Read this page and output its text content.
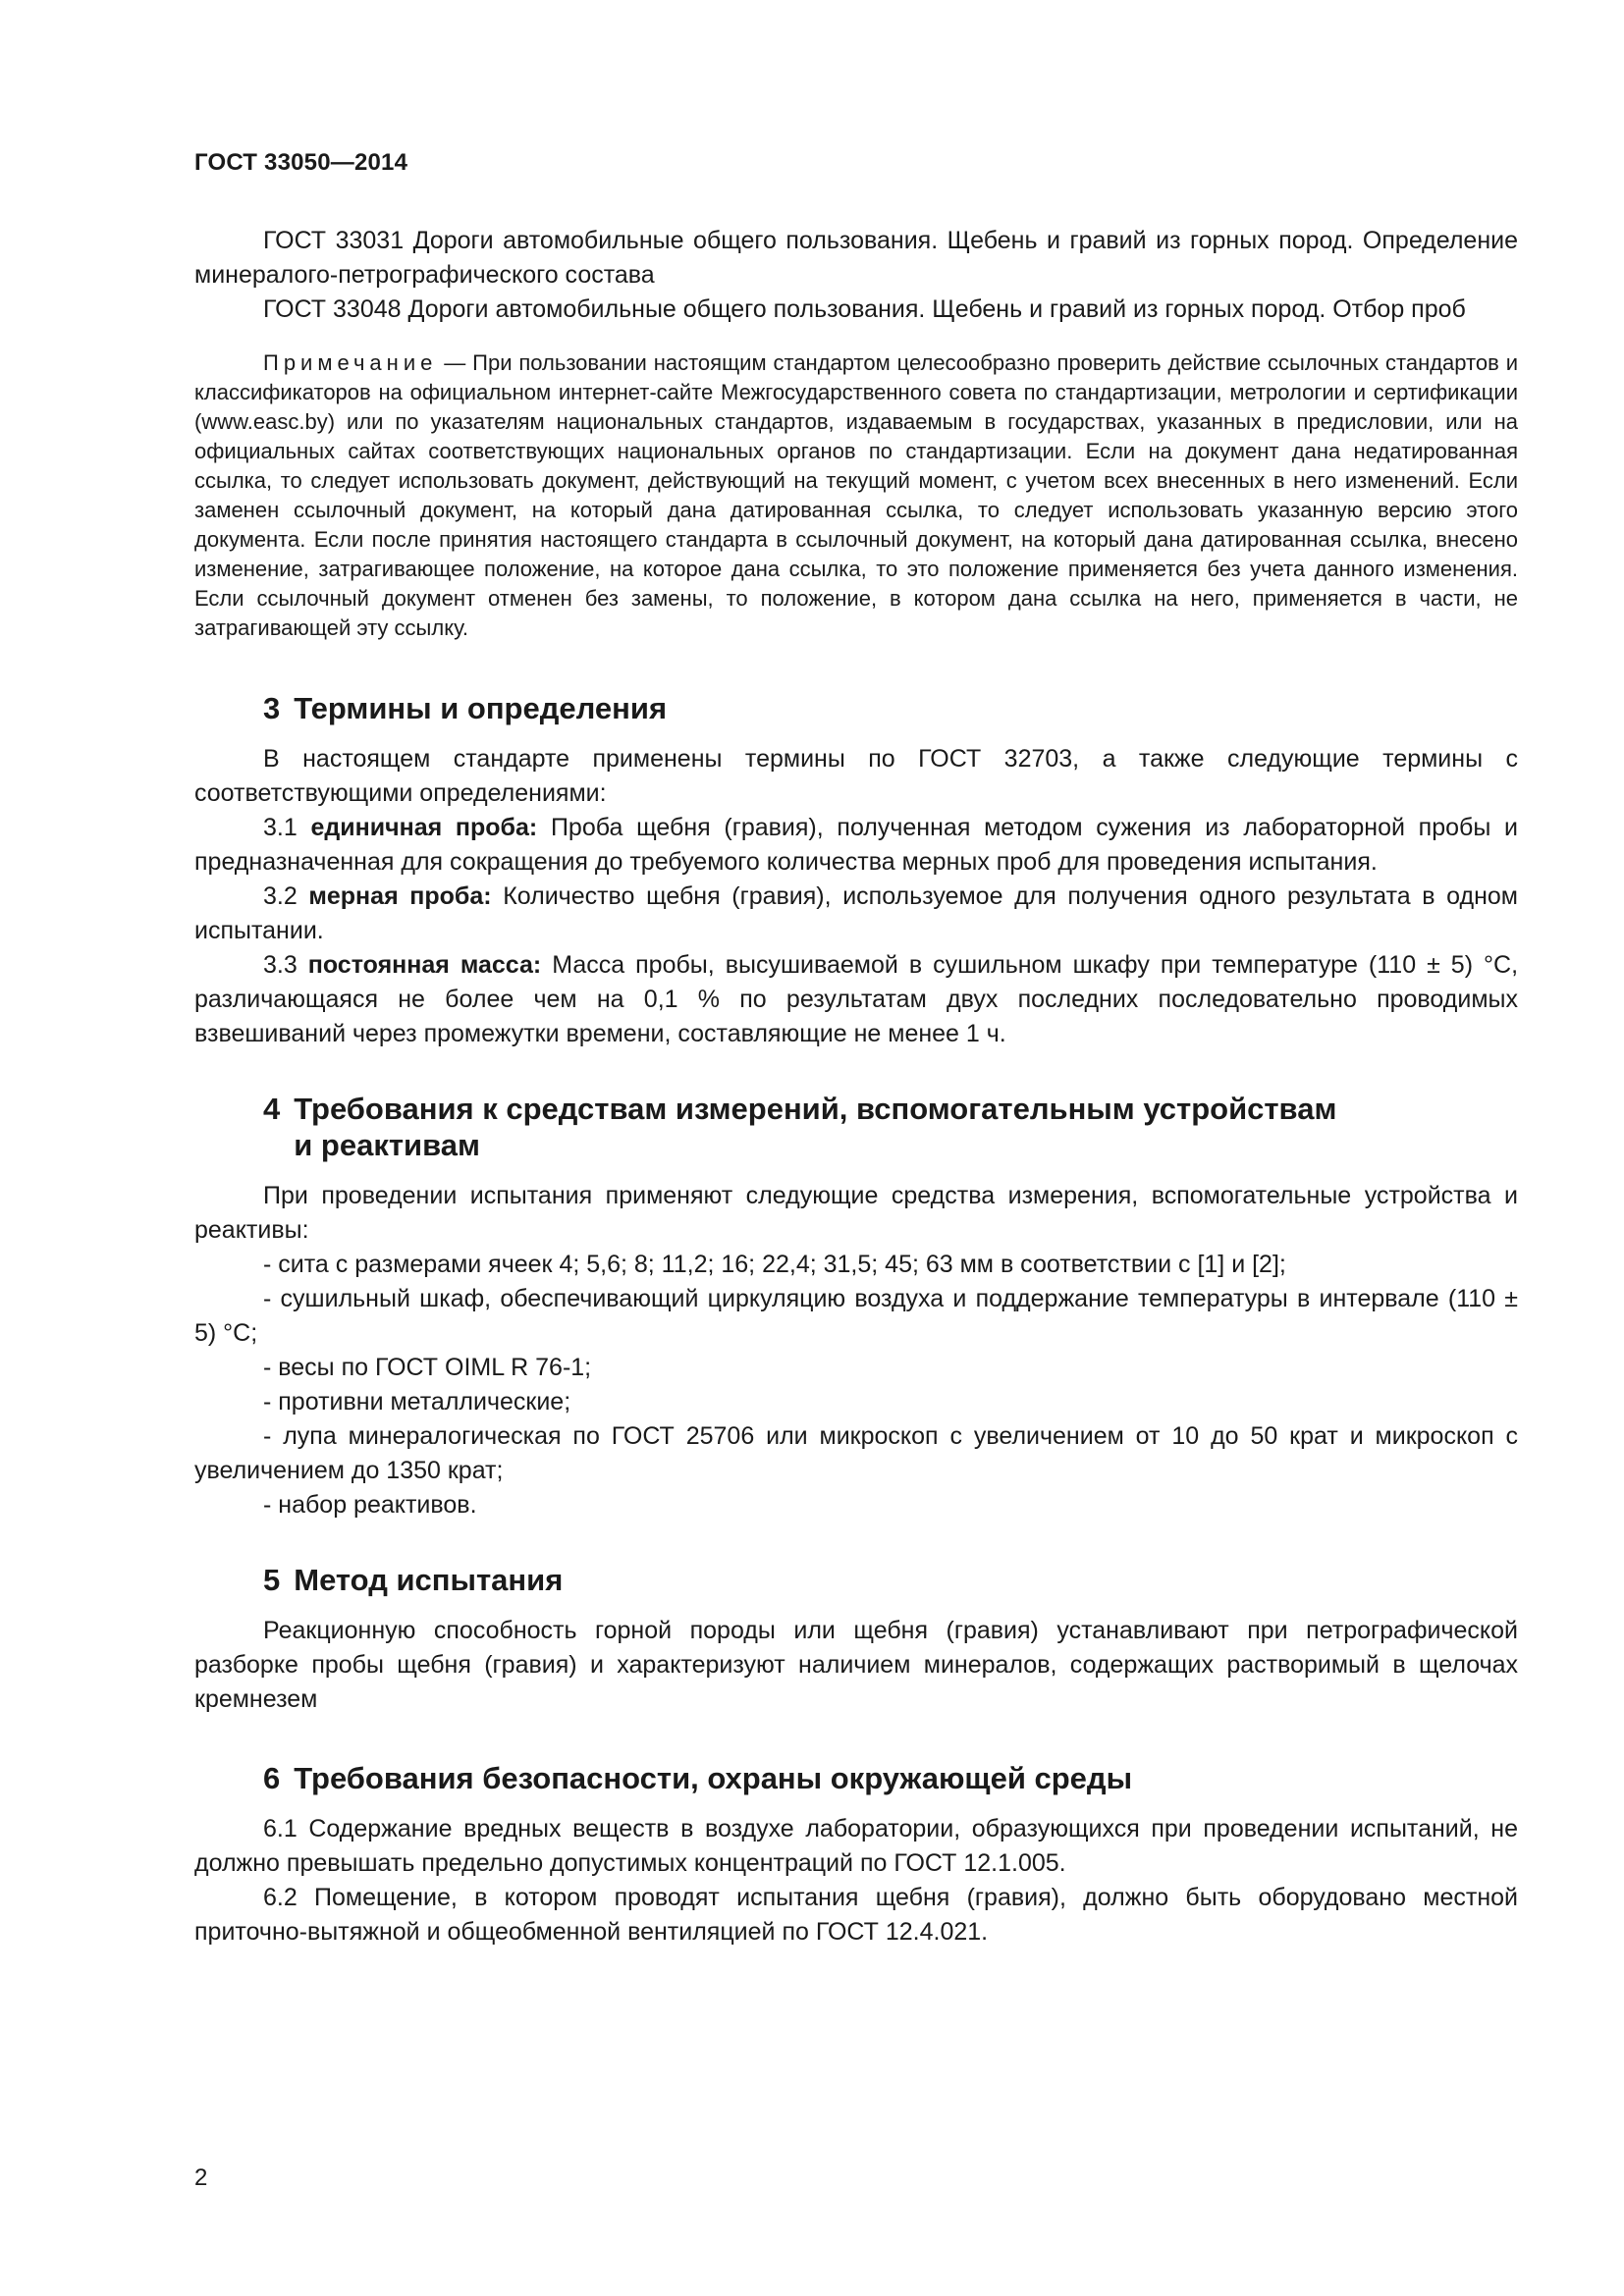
ГОСТ 33050—2014

ГОСТ 33031 Дороги автомобильные общего пользования. Щебень и гравий из горных пород. Определение минералого-петрографического состава

ГОСТ 33048 Дороги автомобильные общего пользования. Щебень и гравий из горных пород. Отбор проб

Примечание — При пользовании настоящим стандартом целесообразно проверить действие ссылочных стандартов и классификаторов на официальном интернет-сайте Межгосударственного совета по стандартизации, метрологии и сертификации (www.easc.by) или по указателям национальных стандартов, издаваемым в государствах, указанных в предисловии, или на официальных сайтах соответствующих национальных органов по стандартизации. Если на документ дана недатированная ссылка, то следует использовать документ, действующий на текущий момент, с учетом всех внесенных в него изменений. Если заменен ссылочный документ, на который дана датированная ссылка, то следует использовать указанную версию этого документа. Если после принятия настоящего стандарта в ссылочный документ, на который дана датированная ссылка, внесено изменение, затрагивающее положение, на которое дана ссылка, то это положение применяется без учета данного изменения. Если ссылочный документ отменен без замены, то положение, в котором дана ссылка на него, применяется в части, не затрагивающей эту ссылку.

3 Термины и определения

В настоящем стандарте применены термины по ГОСТ 32703, а также следующие термины с соответствующими определениями:

3.1 единичная проба: Проба щебня (гравия), полученная методом сужения из лабораторной пробы и предназначенная для сокращения до требуемого количества мерных проб для проведения испытания.

3.2 мерная проба: Количество щебня (гравия), используемое для получения одного результата в одном испытании.

3.3 постоянная масса: Масса пробы, высушиваемой в сушильном шкафу при температуре (110 ± 5) °С, различающаяся не более чем на 0,1 % по результатам двух последних последовательно проводимых взвешиваний через промежутки времени, составляющие не менее 1 ч.

4 Требования к средствам измерений, вспомогательным устройствам
и реактивам

При проведении испытания применяют следующие средства измерения, вспомогательные устройства и реактивы:

- сита с размерами ячеек 4; 5,6; 8; 11,2; 16; 22,4; 31,5; 45; 63 мм в соответствии с [1] и [2];

- сушильный шкаф, обеспечивающий циркуляцию воздуха и поддержание температуры в интервале (110 ± 5) °С;

- весы по ГОСТ OIML R 76-1;

- противни металлические;

- лупа минералогическая по ГОСТ 25706 или микроскоп с увеличением от 10 до 50 крат и микроскоп с увеличением до 1350 крат;

- набор реактивов.

5 Метод испытания

Реакционную способность горной породы или щебня (гравия) устанавливают при петрографической разборке пробы щебня (гравия) и характеризуют наличием минералов, содержащих растворимый в щелочах кремнезем

6 Требования безопасности, охраны окружающей среды

6.1 Содержание вредных веществ в воздухе лаборатории, образующихся при проведении испытаний, не должно превышать предельно допустимых концентраций по ГОСТ 12.1.005.

6.2 Помещение, в котором проводят испытания щебня (гравия), должно быть оборудовано местной приточно-вытяжной и общеобменной вентиляцией по ГОСТ 12.4.021.

2
